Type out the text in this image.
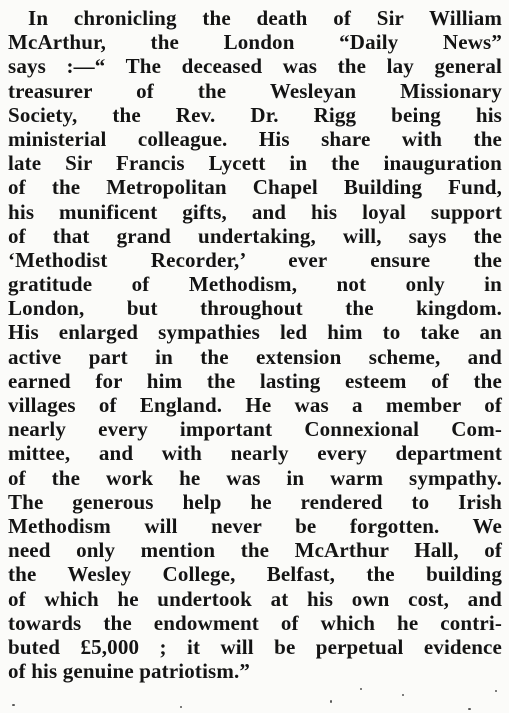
In chronicling the death of Sir William
McArthur, the London “Daily News”
says :—“ The deceased was the lay general
treasurer of the Wesleyan Missionary
Society, the Rev. Dr. Rigg being his
ministerial colleague. His share with the
late Sir Francis Lycett in the inauguration
of the Metropolitan Chapel Building Fund,
his munificent gifts, and his loyal support
of that grand undertaking, will, says the
‘Methodist Recorder,’ ever ensure the
gratitude of Methodism, not only in
London, but throughout the kingdom.
His enlarged sympathies led him to take an
active part in the extension scheme, and
earned for him the lasting esteem of the
villages of England. He was a member of
nearly every important Connexional Com-
mittee, and with nearly every department
of the work he was in warm sympathy.
The generous help he rendered to Irish
Methodism will never be forgotten. We
need only mention the McArthur Hall, of
the Wesley College, Belfast, the building
of which he undertook at his own cost, and
towards the endowment of which he contri-
buted £5,000 ; it will be perpetual evidence
of his genuine patriotism.”
